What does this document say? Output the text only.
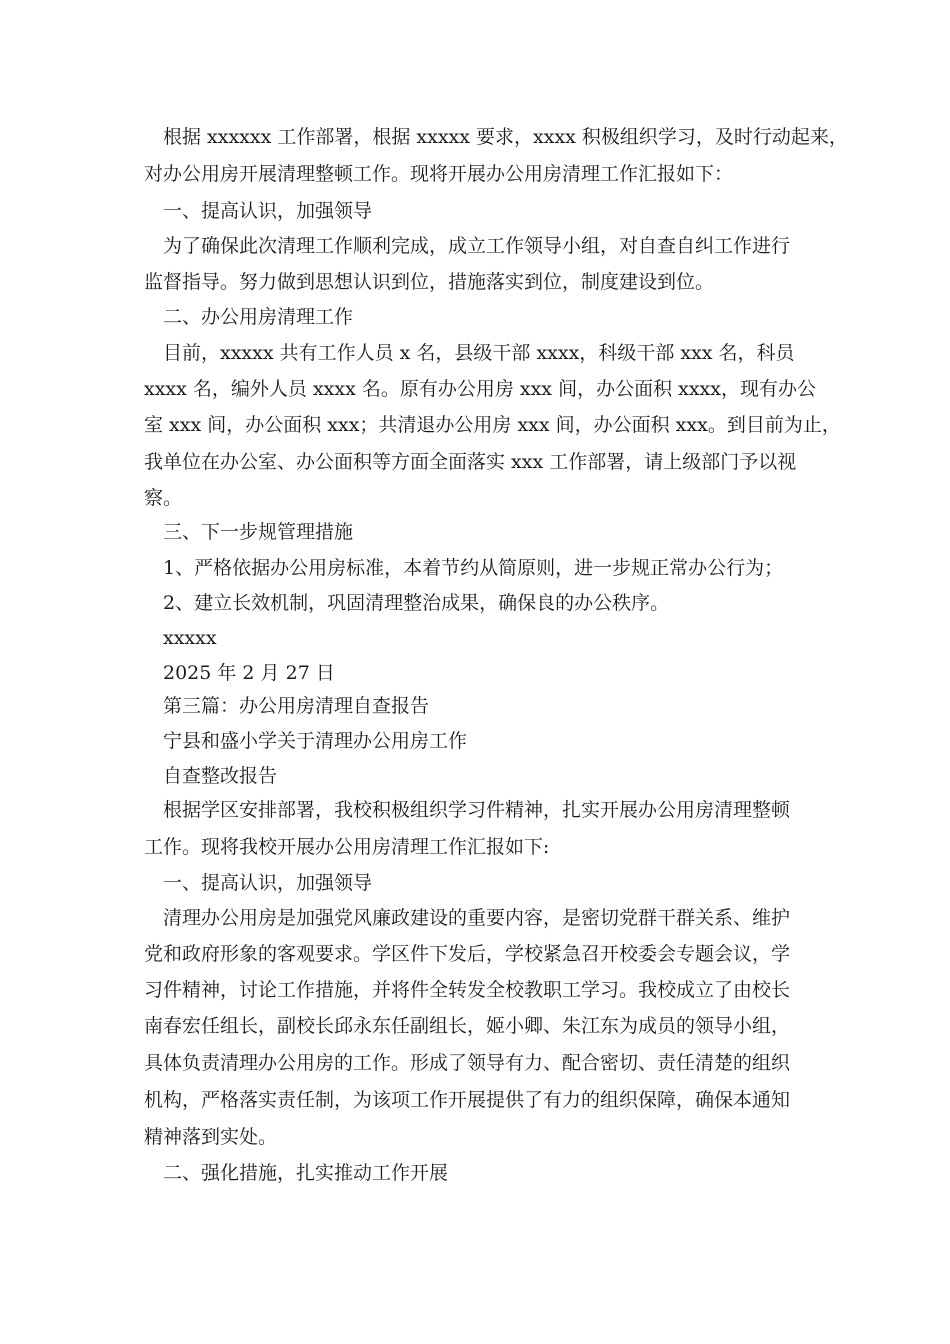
根据 xxxxxx 工作部署，根据 xxxxx 要求，xxxx 积极组织学习，及时行动起来，

对办公用房开展清理整顿工作。现将开展办公用房清理工作汇报如下：

一、提高认识，加强领导

为了确保此次清理工作顺利完成，成立工作领导小组，对自查自纠工作进行

监督指导。努力做到思想认识到位，措施落实到位，制度建设到位。

二、办公用房清理工作

目前，xxxxx 共有工作人员 x 名，县级干部 xxxx，科级干部 xxx 名，科员

xxxx 名，编外人员 xxxx 名。原有办公用房 xxx 间，办公面积 xxxx，现有办公

室 xxx 间，办公面积 xxx；共清退办公用房 xxx 间，办公面积 xxx。到目前为止，

我单位在办公室、办公面积等方面全面落实 xxx 工作部署，请上级部门予以视

察。

三、下一步规管理措施

1、严格依据办公用房标准，本着节约从简原则，进一步规正常办公行为；

2、建立长效机制，巩固清理整治成果，确保良的办公秩序。

xxxxx

2025 年 2 月 27 日

第三篇：办公用房清理自查报告

宁县和盛小学关于清理办公用房工作

自查整改报告

根据学区安排部署，我校积极组织学习件精神，扎实开展办公用房清理整顿

工作。现将我校开展办公用房清理工作汇报如下:

一、提高认识，加强领导

清理办公用房是加强党风廉政建设的重要内容，是密切党群干群关系、维护

党和政府形象的客观要求。学区件下发后，学校紧急召开校委会专题会议，学

习件精神，讨论工作措施，并将件全转发全校教职工学习。我校成立了由校长

南春宏任组长，副校长邱永东任副组长，姬小卿、朱江东为成员的领导小组，

具体负责清理办公用房的工作。形成了领导有力、配合密切、责任清楚的组织

机构，严格落实责任制，为该项工作开展提供了有力的组织保障，确保本通知

精神落到实处。

二、强化措施，扎实推动工作开展
